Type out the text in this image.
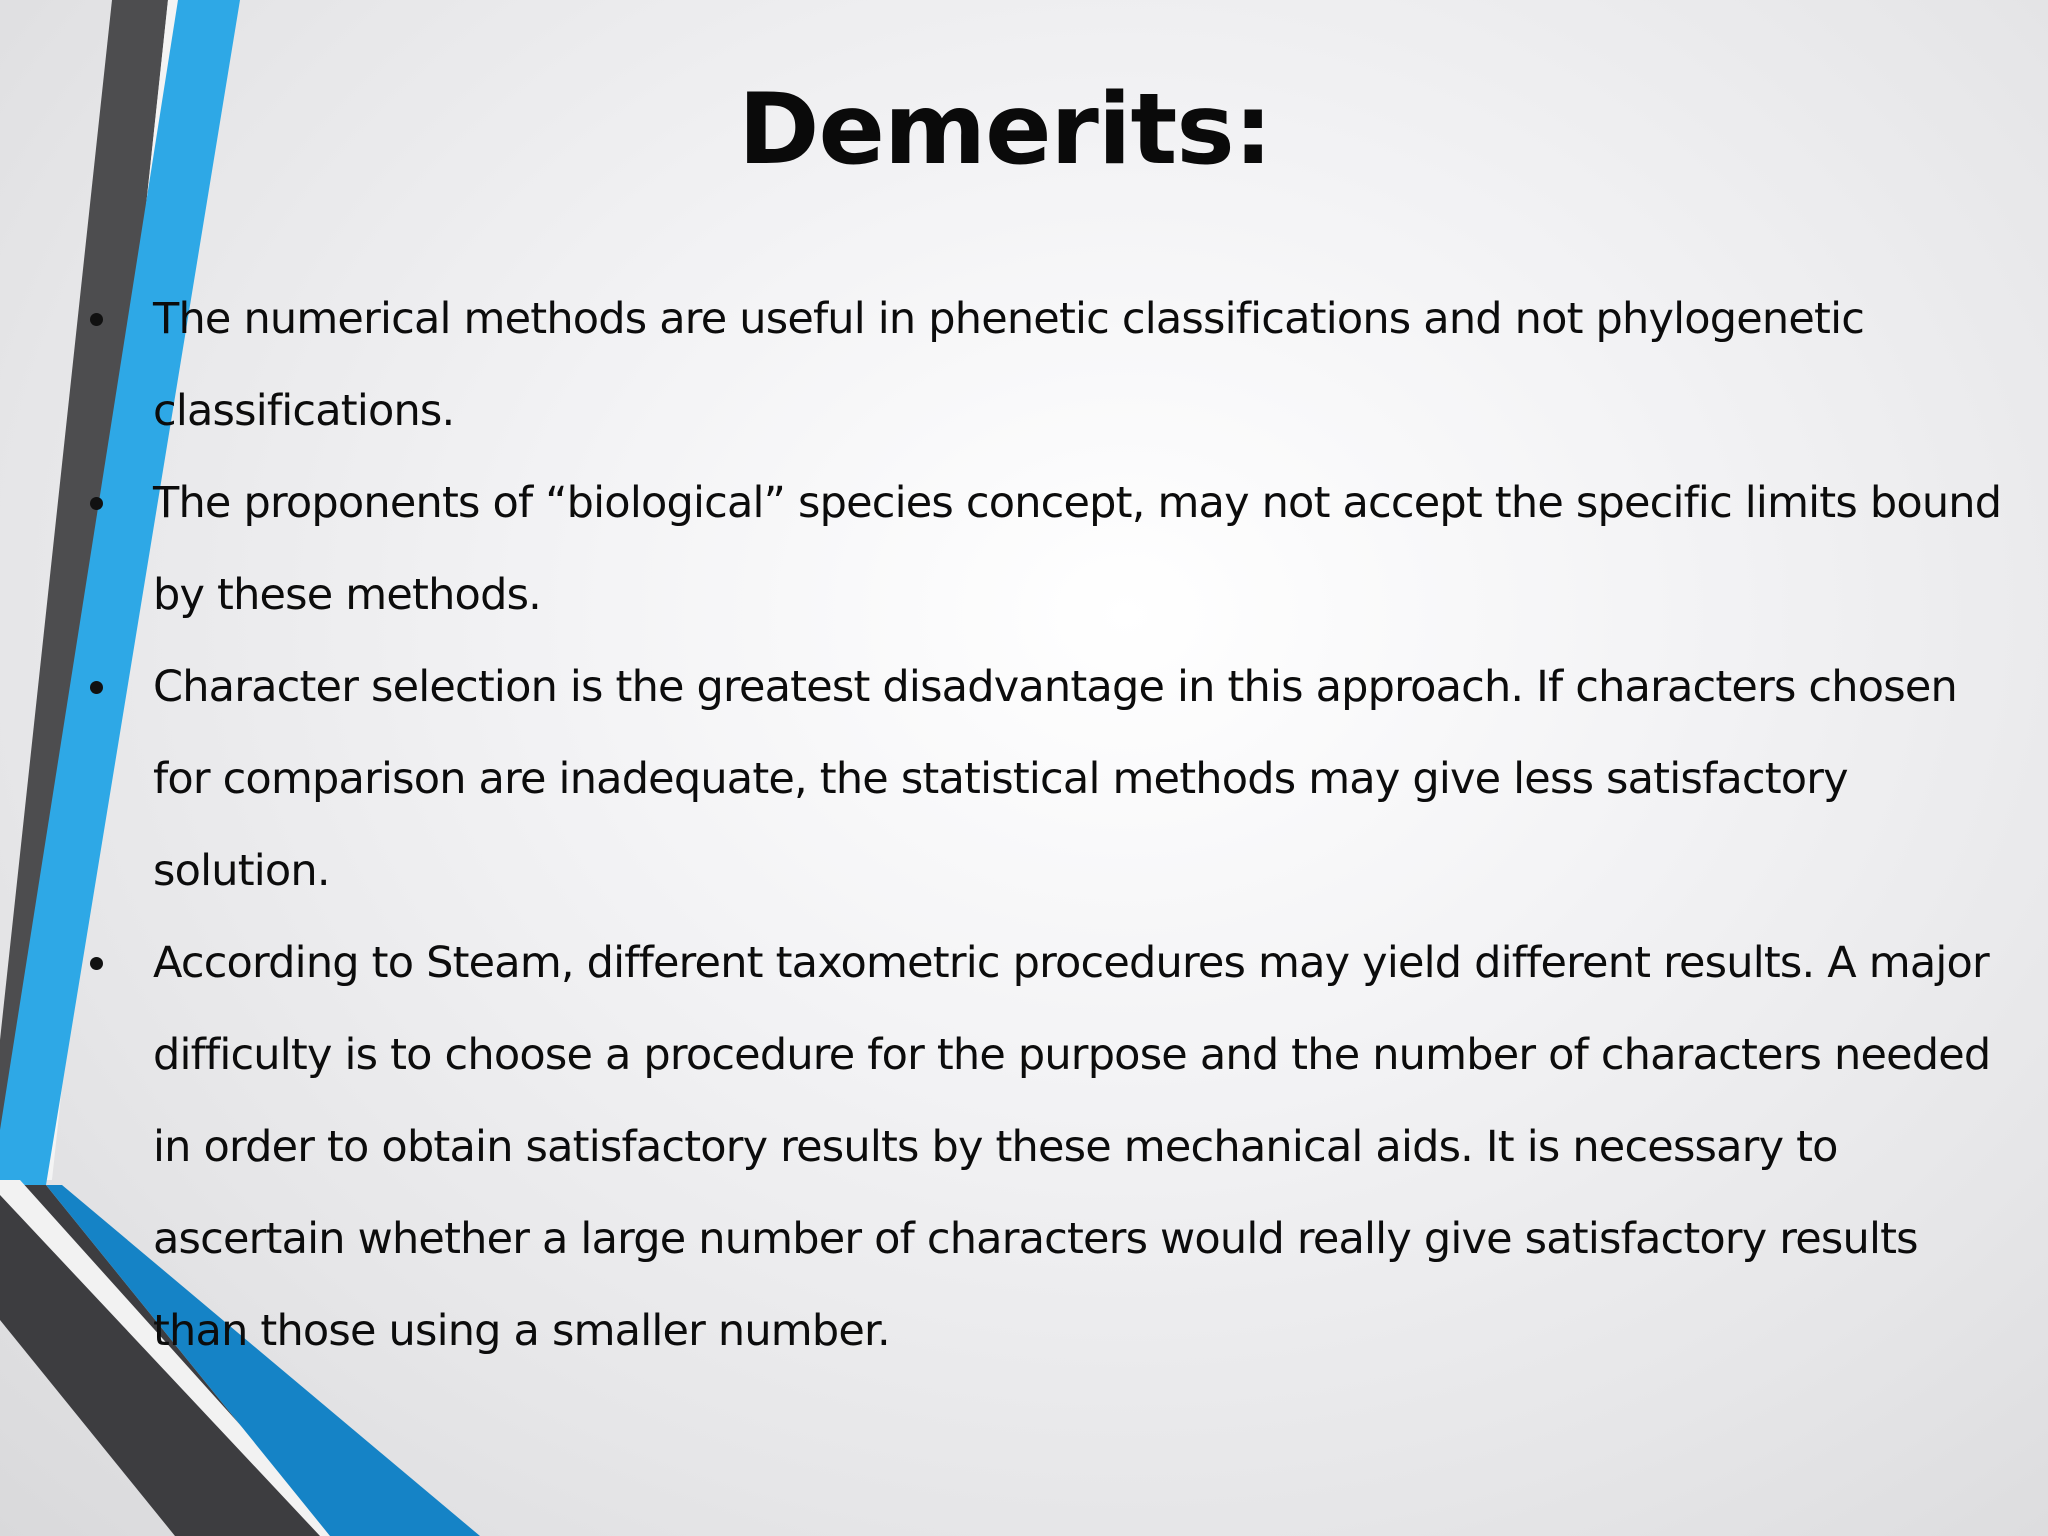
Demerits:
The numerical methods are useful in phenetic classifications and not phylogenetic classifications.
The proponents of “biological” species concept, may not accept the specific limits bound by these methods.
Character selection is the greatest disadvantage in this approach. If characters chosen for comparison are inadequate, the statistical methods may give less satisfactory solution.
According to Steam, different taxometric procedures may yield different results. A major difficulty is to choose a procedure for the purpose and the number of characters needed in order to obtain satisfactory results by these mechanical aids. It is necessary to ascertain whether a large number of characters would really give satisfactory results than those using a smaller number.
